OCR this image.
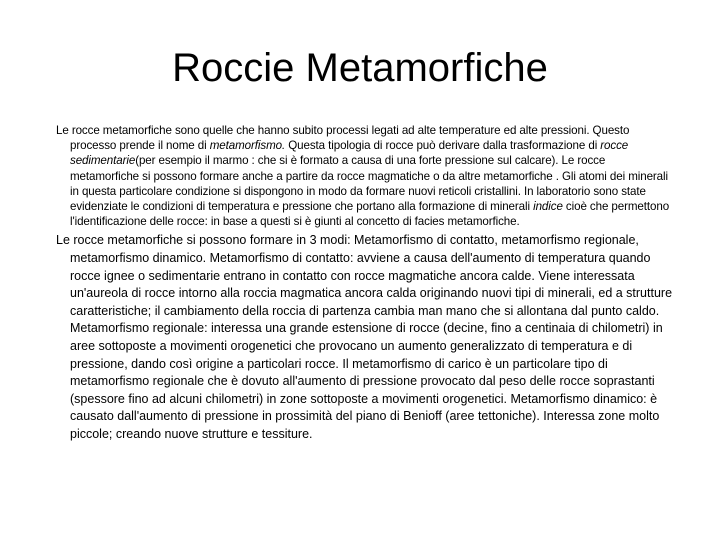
Roccie Metamorfiche

Le rocce metamorfiche sono quelle che hanno subito processi legati ad alte temperature ed alte pressioni. Questo processo prende il nome di metamorfismo. Questa tipologia di rocce può derivare dalla trasformazione di rocce sedimentarie(per esempio il marmo : che si è formato a causa di una forte pressione sul calcare). Le rocce metamorfiche si possono formare anche a partire da rocce magmatiche o da altre metamorfiche . Gli atomi dei minerali in questa particolare condizione si dispongono in modo da formare nuovi reticoli cristallini. In laboratorio sono state evidenziate le condizioni di temperatura e pressione che portano alla formazione di minerali indice cioè che permettono l'identificazione delle rocce: in base a questi si è giunti al concetto di facies metamorfiche.

Le rocce metamorfiche si possono formare in 3 modi: Metamorfismo di contatto, metamorfismo regionale, metamorfismo dinamico. Metamorfismo di contatto: avviene a causa dell'aumento di temperatura quando rocce ignee o sedimentarie entrano in contatto con rocce magmatiche ancora calde. Viene interessata un'aureola di rocce intorno alla roccia magmatica ancora calda originando nuovi tipi di minerali, ed a strutture caratteristiche; il cambiamento della roccia di partenza cambia man mano che si allontana dal punto caldo. Metamorfismo regionale: interessa una grande estensione di rocce (decine, fino a centinaia di chilometri) in aree sottoposte a movimenti orogenetici che provocano un aumento generalizzato di temperatura e di pressione, dando così origine a particolari rocce. Il metamorfismo di carico è un particolare tipo di metamorfismo regionale che è dovuto all'aumento di pressione provocato dal peso delle rocce soprastanti (spessore fino ad alcuni chilometri) in zone sottoposte a movimenti orogenetici. Metamorfismo dinamico: è causato dall'aumento di pressione in prossimità del piano di Benioff (aree tettoniche). Interessa zone molto piccole; creando nuove strutture e tessiture.
